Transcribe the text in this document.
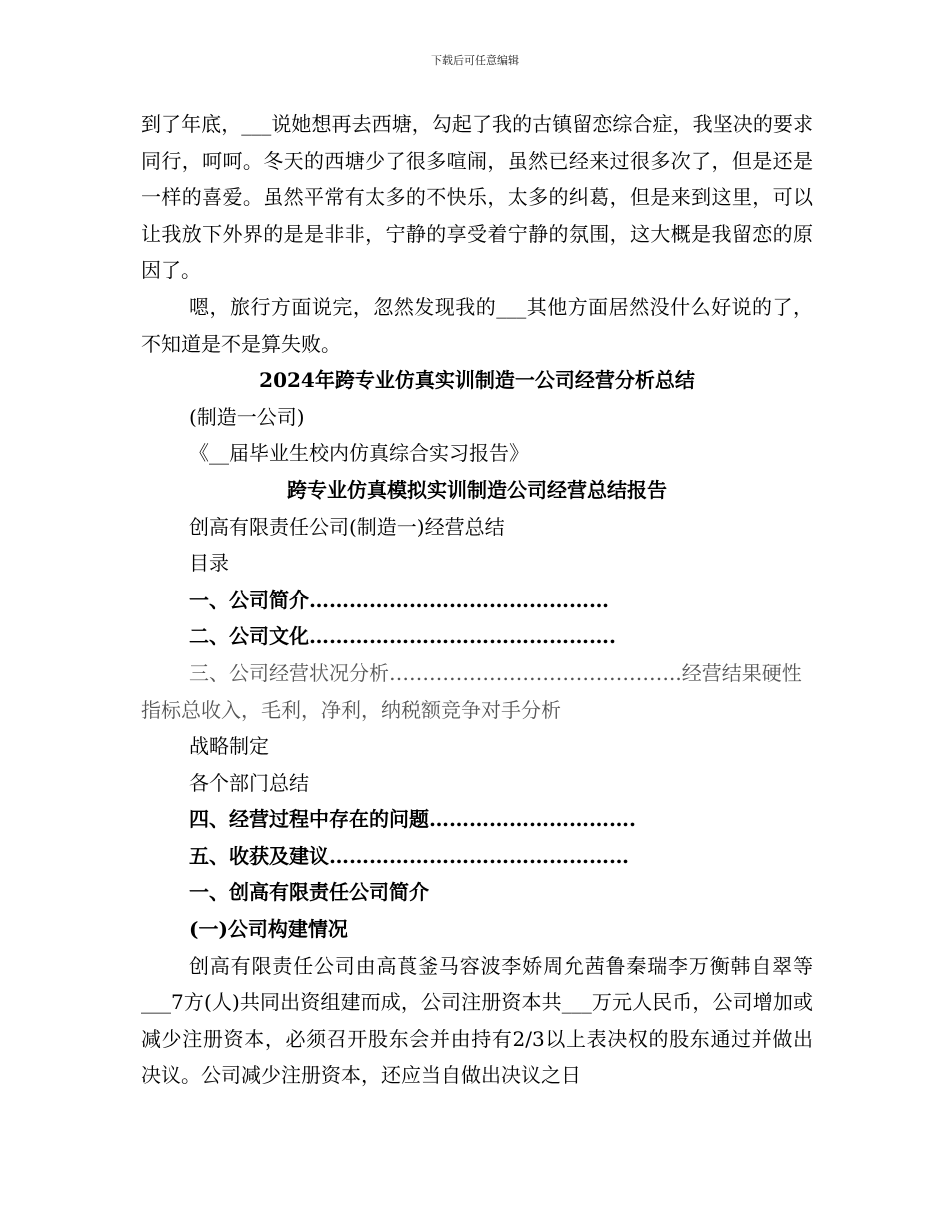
下载后可任意编辑

到了年底，___说她想再去西塘，勾起了我的古镇留恋综合症，我坚决的要求同行，呵呵。冬天的西塘少了很多喧闹，虽然已经来过很多次了，但是还是一样的喜爱。虽然平常有太多的不快乐，太多的纠葛，但是来到这里，可以让我放下外界的是是非非，宁静的享受着宁静的氛围，这大概是我留恋的原因了。

嗯，旅行方面说完，忽然发现我的___其他方面居然没什么好说的了，不知道是不是算失败。

2024年跨专业仿真实训制造一公司经营分析总结

(制造一公司)

《__届毕业生校内仿真综合实习报告》

跨专业仿真模拟实训制造公司经营总结报告

创高有限责任公司(制造一)经营总结

目录

一、公司简介………………………………………

二、公司文化……………………………………….

三、公司经营状况分析……………………………………..经营结果硬性指标总收入，毛利，净利，纳税额竞争对手分析

战略制定

各个部门总结

四、经营过程中存在的问题………………………….

五、收获及建议………………………………………

一、创高有限责任公司简介

(一)公司构建情况

创高有限责任公司由高莨釜马容波李娇周允茜鲁秦瑞李万衡韩自翠等___7方(人)共同出资组建而成，公司注册资本共___万元人民币，公司增加或减少注册资本，必须召开股东会并由持有2/3以上表决权的股东通过并做出决议。公司减少注册资本，还应当自做出决议之日
